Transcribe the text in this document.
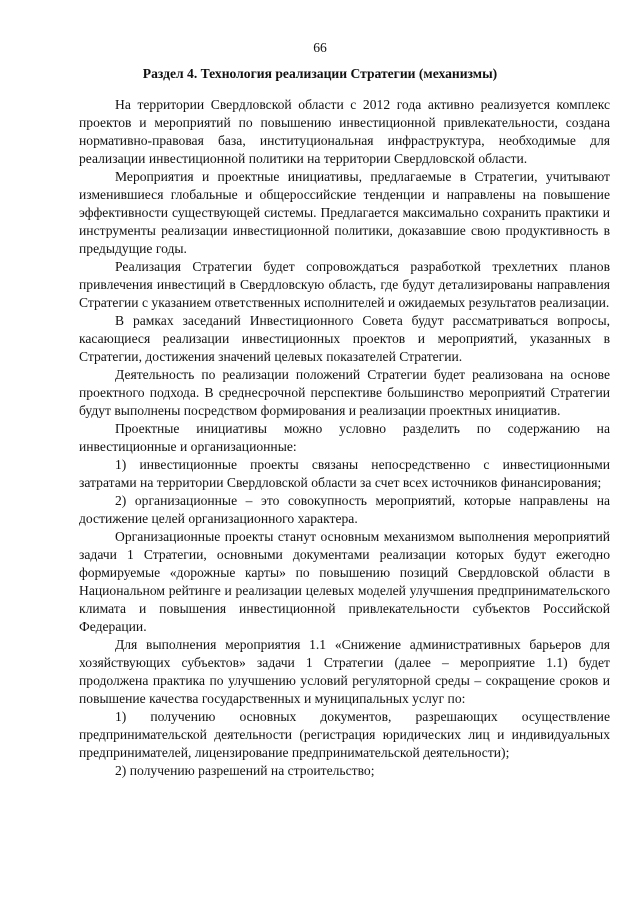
66
Раздел 4. Технология реализации Стратегии (механизмы)

На территории Свердловской области с 2012 года активно реализуется комплекс проектов и мероприятий по повышению инвестиционной привлекательности, создана нормативно-правовая база, институциональная инфраструктура, необходимые для реализации инвестиционной политики на территории Свердловской области.

Мероприятия и проектные инициативы, предлагаемые в Стратегии, учитывают изменившиеся глобальные и общероссийские тенденции и направлены на повышение эффективности существующей системы. Предлагается максимально сохранить практики и инструменты реализации инвестиционной политики, доказавшие свою продуктивность в предыдущие годы.

Реализация Стратегии будет сопровождаться разработкой трехлетних планов привлечения инвестиций в Свердловскую область, где будут детализированы направления Стратегии с указанием ответственных исполнителей и ожидаемых результатов реализации.

В рамках заседаний Инвестиционного Совета будут рассматриваться вопросы, касающиеся реализации инвестиционных проектов и мероприятий, указанных в Стратегии, достижения значений целевых показателей Стратегии.

Деятельность по реализации положений Стратегии будет реализована на основе проектного подхода. В среднесрочной перспективе большинство мероприятий Стратегии будут выполнены посредством формирования и реализации проектных инициатив.

Проектные инициативы можно условно разделить по содержанию на инвестиционные и организационные:

1) инвестиционные проекты связаны непосредственно с инвестиционными затратами на территории Свердловской области за счет всех источников финансирования;

2) организационные – это совокупность мероприятий, которые направлены на достижение целей организационного характера.

Организационные проекты станут основным механизмом выполнения мероприятий задачи 1 Стратегии, основными документами реализации которых будут ежегодно формируемые «дорожные карты» по повышению позиций Свердловской области в Национальном рейтинге и реализации целевых моделей улучшения предпринимательского климата и повышения инвестиционной привлекательности субъектов Российской Федерации.

Для выполнения мероприятия 1.1 «Снижение административных барьеров для хозяйствующих субъектов» задачи 1 Стратегии (далее – мероприятие 1.1) будет продолжена практика по улучшению условий регуляторной среды – сокращение сроков и повышение качества государственных и муниципальных услуг по:

1) получению основных документов, разрешающих осуществление предпринимательской деятельности (регистрация юридических лиц и индивидуальных предпринимателей, лицензирование предпринимательской деятельности);

2) получению разрешений на строительство;
